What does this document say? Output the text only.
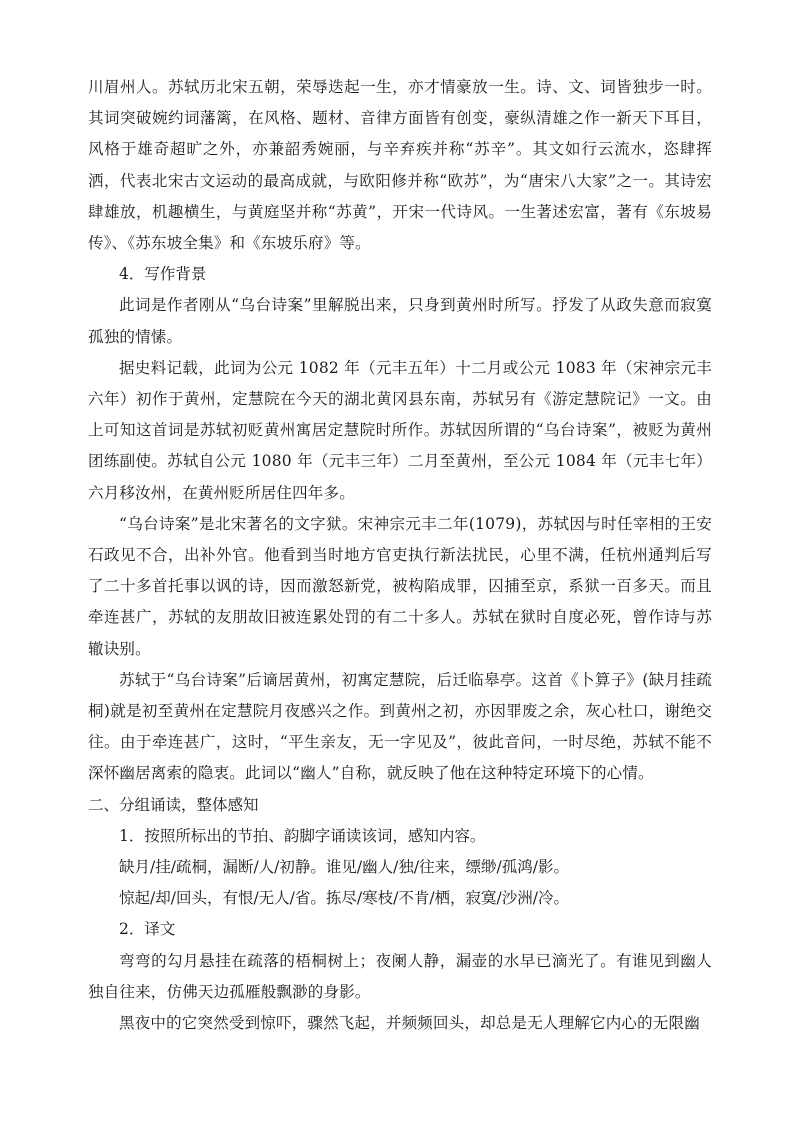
川眉州人。苏轼历北宋五朝，荣辱迭起一生，亦才情豪放一生。诗、文、词皆独步一时。其词突破婉约词藩篱，在风格、题材、音律方面皆有创变，豪纵清雄之作一新天下耳目，风格于雄奇超旷之外，亦兼韶秀婉丽，与辛弃疾并称“苏辛”。其文如行云流水，恣肆挥洒，代表北宋古文运动的最高成就，与欧阳修并称“欧苏”，为“唐宋八大家”之一。其诗宏肆雄放，机趣横生，与黄庭坚并称“苏黄”，开宋一代诗风。一生著述宏富，著有《东坡易传》、《苏东坡全集》和《东坡乐府》等。

4．写作背景

此词是作者刚从“乌台诗案”里解脱出来，只身到黄州时所写。抒发了从政失意而寂寞孤独的情愫。

据史料记载，此词为公元 1082 年（元丰五年）十二月或公元 1083 年（宋神宗元丰六年）初作于黄州，定慧院在今天的湖北黄冈县东南，苏轼另有《游定慧院记》一文。由上可知这首词是苏轼初贬黄州寓居定慧院时所作。苏轼因所谓的“乌台诗案”，被贬为黄州团练副使。苏轼自公元 1080 年（元丰三年）二月至黄州，至公元 1084 年（元丰七年）六月移汝州，在黄州贬所居住四年多。

“乌台诗案”是北宋著名的文字狱。宋神宗元丰二年(1079)，苏轼因与时任宰相的王安石政见不合，出补外官。他看到当时地方官吏执行新法扰民，心里不满，任杭州通判后写了二十多首托事以讽的诗，因而激怒新党，被构陷成罪，囚捕至京，系狱一百多天。而且牵连甚广，苏轼的友朋故旧被连累处罚的有二十多人。苏轼在狱时自度必死，曾作诗与苏辙诀别。

苏轼于“乌台诗案”后谪居黄州，初寓定慧院，后迁临皋亭。这首《卜算子》(缺月挂疏桐)就是初至黄州在定慧院月夜感兴之作。到黄州之初，亦因罪废之余，灰心杜口，谢绝交往。由于牵连甚广，这时，“平生亲友，无一字见及”，彼此音问，一时尽绝，苏轼不能不深怀幽居离索的隐衷。此词以“幽人”自称，就反映了他在这种特定环境下的心情。

二、分组诵读，整体感知

1．按照所标出的节拍、韵脚字诵读该词，感知内容。

缺月/挂/疏桐，漏断/人/初静。谁见/幽人/独/往来，缥缈/孤鸿/影。

惊起/却/回头，有恨/无人/省。拣尽/寒枝/不肯/栖，寂寞/沙洲/冷。

2．译文

弯弯的勾月悬挂在疏落的梧桐树上；夜阑人静，漏壶的水早已滴光了。有谁见到幽人独自往来，仿佛天边孤雁般飘渺的身影。

黑夜中的它突然受到惊吓，骤然飞起，并频频回头，却总是无人理解它内心的无限幽
